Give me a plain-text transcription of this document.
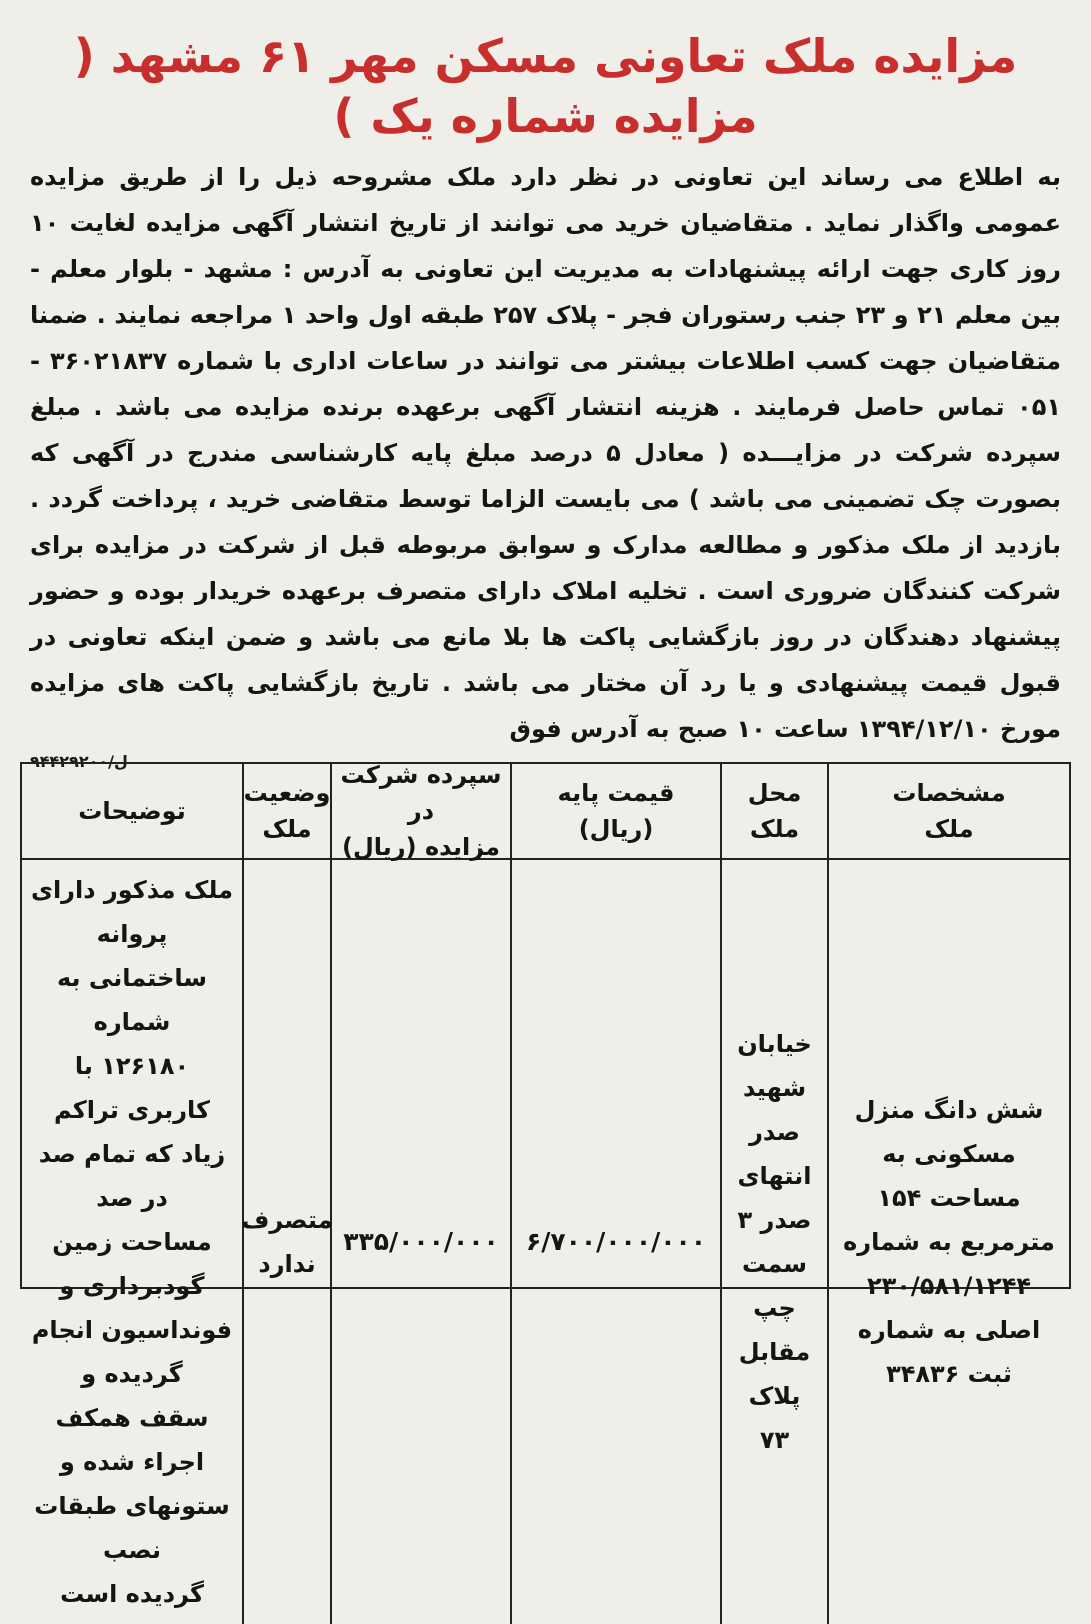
مزایده ملک تعاونی مسکن مهر ۶۱ مشهد ( مزایده شماره یک )

به اطلاع می رساند این تعاونی در نظر دارد ملک مشروحه ذیل را از طریق مزایده عمومی واگذار نماید . متقاضیان خرید می توانند از تاریخ انتشار آگهی مزایده لغایت ۱۰ روز کاری جهت ارائه پیشنهادات به مدیریت این تعاونی به آدرس : مشهد - بلوار معلم - بین معلم ۲۱ و ۲۳ جنب رستوران فجر - پلاک ۲۵۷ طبقه اول واحد ۱ مراجعه نمایند . ضمنا متقاضیان جهت کسب اطلاعات بیشتر می توانند در ساعات اداری با شماره ۳۶۰۲۱۸۳۷ - ۰۵۱ تماس حاصل فرمایند . هزینه انتشار آگهی برعهده برنده مزایده می باشد . مبلغ سپرده شرکت در مزایـــده ( معادل ۵ درصد مبلغ پایه کارشناسی مندرج در آگهی که بصورت چک تضمینی می باشد ) می بایست الزاما توسط متقاضی خرید ، پرداخت گردد . بازدید از ملک مذکور و مطالعه مدارک و سوابق مربوطه قبل از شرکت در مزایده برای شرکت کنندگان ضروری است . تخلیه املاک دارای متصرف برعهده خریدار بوده و حضور پیشنهاد دهندگان در روز بازگشایی پاکت ها بلا مانع می باشد و ضمن اینکه تعاونی در قبول قیمت پیشنهادی و یا رد آن مختار می باشد . تاریخ بازگشایی پاکت های مزایده مورخ ۱۳۹۴/۱۲/۱۰ ساعت ۱۰ صبح به آدرس فوق

ل/۹۴۴۲۹۲۰۰
توضیحات
وضعیت
ملک
سپرده شرکت در
مزایده (ریال)
قیمت پایه
(ریال)
محل
ملک
مشخصات
ملک
ملک مذکور دارای پروانه
ساختمانی به شماره
۱۲۶۱۸۰ با کاربری تراکم
زیاد که تمام صد در صد
مساحت زمین گودبرداری و
فونداسیون انجام گردیده و
سقف همکف اجراء شده و
ستونهای طبقات نصب
گردیده است
متصرف
ندارد
۳۳۵/۰۰۰/۰۰۰	۶/۷۰۰/۰۰۰/۰۰۰
خیابان
شهید صدر
انتهای
صدر ۳
سمت چپ
مقابل پلاک
۷۳
شش دانگ منزل
مسکونی به
مساحت ۱۵۴
مترمربع به شماره
۲۳۰/۵۸۱/۱۲۴۴
اصلی به شماره
ثبت ۳۴۸۳۶
